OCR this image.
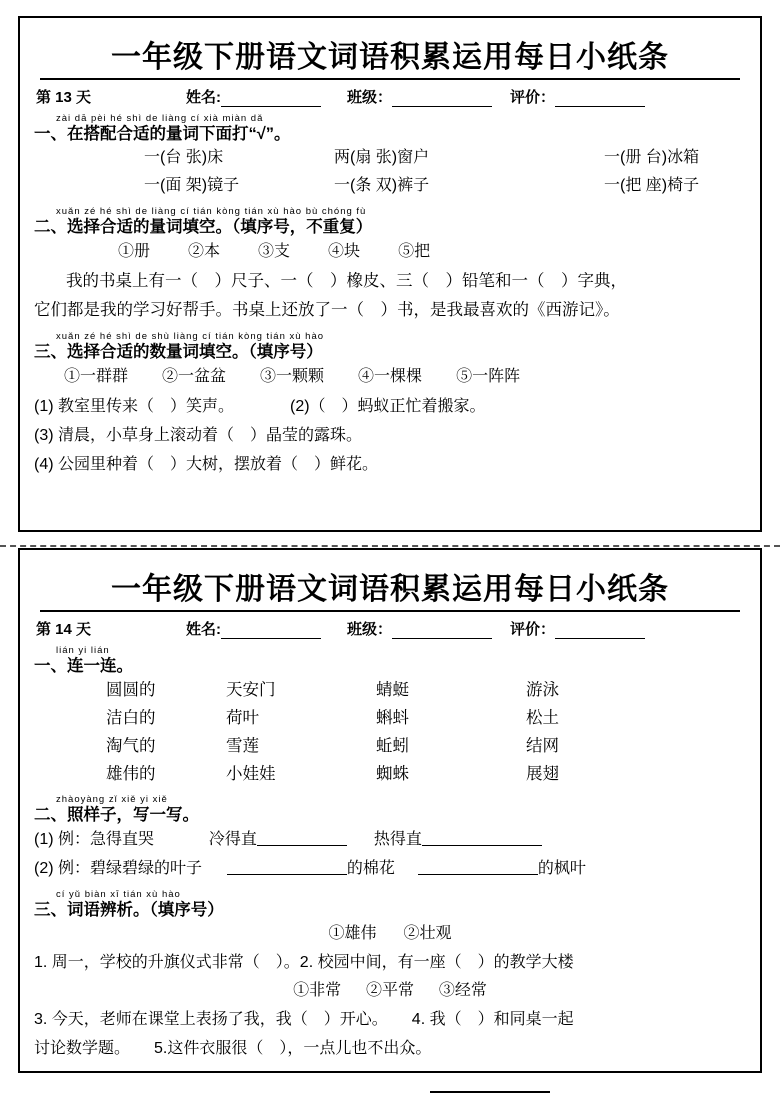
一年级下册语文词语积累运用每日小纸条
第 13 天	姓名:	班级：	评价：
zài dā pèi hé shì de liàng cí xià miàn dǎ
一、在搭配合适的量词下面打“√”。
一(台 张)床	两(扇 张)窗户	一(册 台)冰箱
一(面 架)镜子	一(条 双)裤子	一(把 座)椅子
xuǎn zé hé shì de liàng cí tián kòng tián xù hào bù chóng fù
二、选择合适的量词填空。（填序号，不重复）
①册 ②本 ③支 ④块 ⑤把
我的书桌上有一（　）尺子、一（　）橡皮、三（　）铅笔和一（　）字典，
它们都是我的学习好帮手。书桌上还放了一（　）书，是我最喜欢的《西游记》。
xuǎn zé hé shì de shù liàng cí tián kòng tián xù hào
三、选择合适的数量词填空。（填序号）
①一群群 ②一盆盆 ③一颗颗 ④一棵棵 ⑤一阵阵
(1) 教室里传来（　）笑声。　　　　(2)（　）蚂蚁正忙着搬家。
(3) 清晨，小草身上滚动着（　）晶莹的露珠。
(4) 公园里种着（　）大树，摆放着（　）鲜花。
一年级下册语文词语积累运用每日小纸条
第 14 天	姓名:	班级：	评价：
lián yi lián
一、连一连。
圆圆的	天安门	蜻蜓	游泳
洁白的	荷叶	蝌蚪	松土
淘气的	雪莲	蚯蚓	结网
雄伟的	小娃娃	蜘蛛	展翅
zhàoyàng zǐ xiě yi xiě
二、照样子，写一写。
(1) 例：急得直哭	冷得直	热得直
(2) 例：碧绿碧绿的叶子	的棉花	的枫叶
cí yǔ biàn xī tián xù hào
三、词语辨析。（填序号）
①雄伟 ②壮观
1. 周一，学校的升旗仪式非常（　）。2. 校园中间，有一座（　）的教学大楼
①非常 ②平常 ③经常
3. 今天，老师在课堂上表扬了我，我（　）开心。　　4. 我（　）和同桌一起
讨论数学题。　　5.这件衣服很（　），一点儿也不出众。
